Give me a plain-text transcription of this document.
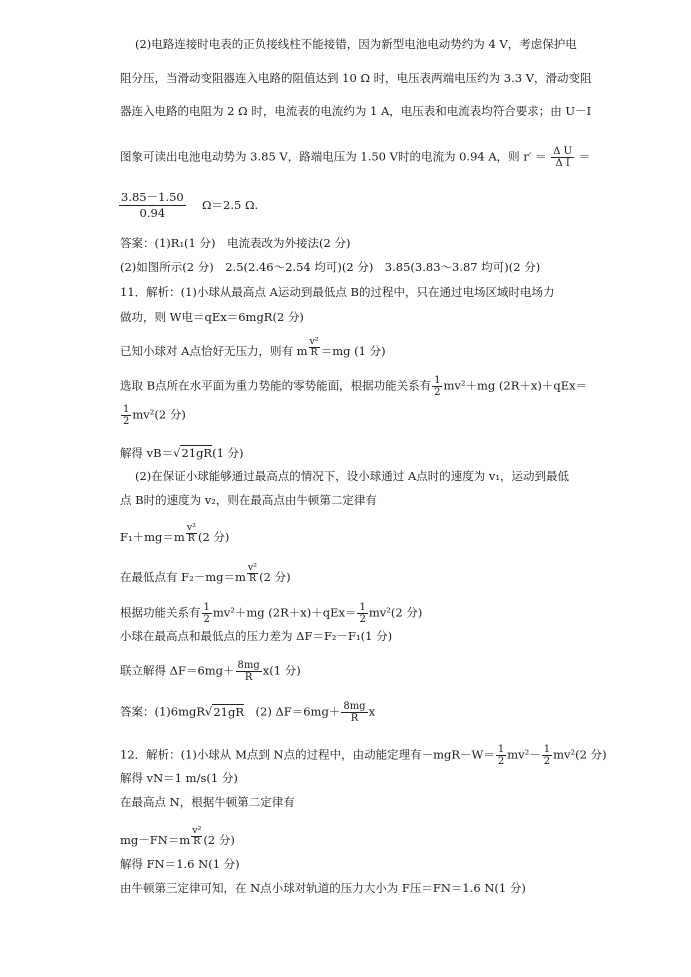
(2)电路连接时电表的正负接线柱不能接错，因为新型电池电动势约为 4 V，考虑保护电
阻分压，当滑动变阻器连入电路的阻值达到 10 Ω 时，电压表两端电压约为 3.3 V，滑动变阻
器连入电路的电阻为 2 Ω 时，电流表的电流约为 1 A，电压表和电流表均符合要求；由 U－I
图象可读出电池电动势为 3.85 V，路端电压为 1.50 V时的电流为 0.94 A，则 $r' = \frac{\text{Δ U}}{\text{Δ I}}$ ＝
$\frac{3.85-1.50}{0.94} \Omega=2.5$ Ω.
答案：(1)R₁(1 分)　电流表改为外接法(2 分)
(2)如图所示(2 分)　2.5(2.46～2.54 均可)(2 分)　3.85(3.83～3.87 均可)(2 分)
11．解析：(1)小球从最高点 A运动到最低点 B的过程中，只在通过电场区域时电场力
做功，则 W电＝qEx＝6mgR(2 分)
已知小球对 A点恰好无压力，则有 m $\frac{\text{v²}}{R} =mg$ (1 分)
选取 B点所在水平面为重力势能的零势能面，根据功能关系有 $\frac{1}{2} mv^2+mg$ (2R＋x)＋qEx＝
$\frac{1}{2} mv^2(2$ 分)
解得 vB＝√21gR(1 分)
(2)在保证小球能够通过最高点的情况下，设小球通过 A点时的速度为 v₁，运动到最低
点 B时的速度为 v₂，则在最高点由牛顿第二定律有
$F_1+mg=m \frac{\text{v²}}{R} (2$ 分)
在最低点有 $F_2-mg=m \frac{\text{v²}}{R} (2$ 分)
根据功能关系有 $\frac{1}{2} mv^2+mg$ $(2R+x)+qEx= \frac{1}{2} mv^2(2$ 分)
小球在最高点和最低点的压力差为 ΔF＝F₂－F₁(1 分)
联立解得 $\Delta F=6mg+ \frac{8mg}{R} x(1$ 分)
答案：(1)6mgR√21gR　(2) $\Delta F=6mg+ \frac{8mg}{R}$ x
12．解析：(1)小球从 M点到 N点的过程中，由动能定理有$-mgR-W= \frac{1}{2} mv^2- \frac{1}{2} mv^2(2$ 分)
解得 vN＝1 m/s(1 分)
在最高点 N，根据牛顿第二定律有
$mg-FN=m \frac{\text{v²}}{R} (2$ 分)
解得 FN＝1.6 N(1 分)
由牛顿第三定律可知，在 N点小球对轨道的压力大小为 F压＝FN＝1.6 N(1 分)
